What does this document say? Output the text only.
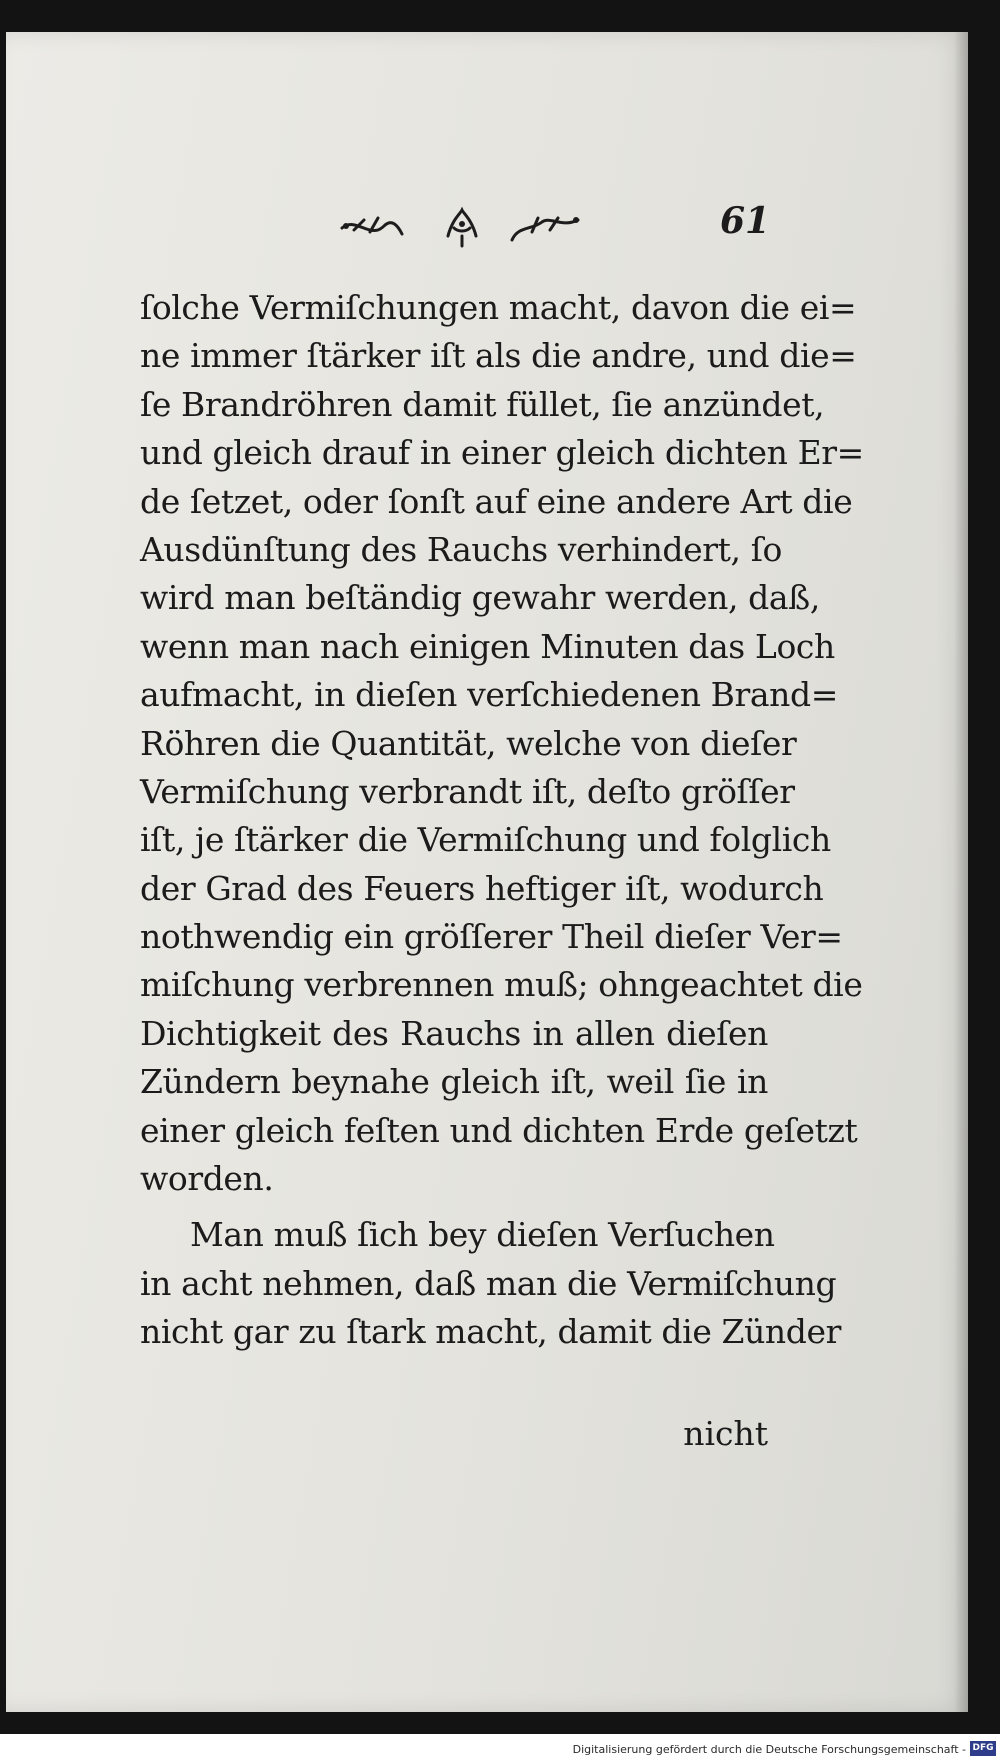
61
ſolche Vermiſchungen macht, davon die ei=
ne immer ſtärker iſt als die andre, und die=
ſe Brandröhren damit füllet, ſie anzündet,
und gleich drauf in einer gleich dichten Er=
de ſetzet, oder ſonſt auf eine andere Art die
Ausdünſtung des Rauchs verhindert, ſo
wird man beſtändig gewahr werden, daß,
wenn man nach einigen Minuten das Loch
aufmacht, in dieſen verſchiedenen Brand=
Röhren die Quantität, welche von dieſer
Vermiſchung verbrandt iſt, deſto gröſſer
iſt, je ſtärker die Vermiſchung und folglich
der Grad des Feuers heftiger iſt, wodurch
nothwendig ein gröſſerer Theil dieſer Ver=
miſchung verbrennen muß; ohngeachtet die
Dichtigkeit des Rauchs in allen dieſen
Zündern beynahe gleich iſt, weil ſie in
einer gleich feſten und dichten Erde geſetzt
worden.
Man muß ſich bey dieſen Verſuchen
in acht nehmen, daß man die Vermiſchung
nicht gar zu ſtark macht, damit die Zünder
nicht
Digitalisierung gefördert durch die Deutsche Forschungsgemeinschaft - DFG
